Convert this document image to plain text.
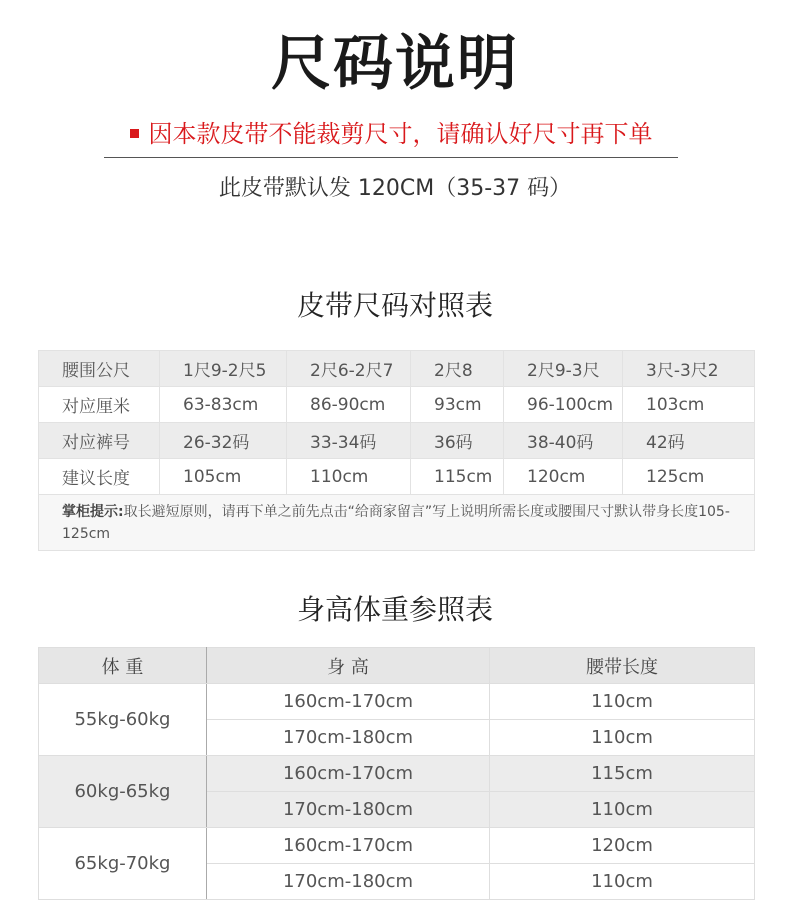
尺码说明
因本款皮带不能裁剪尺寸，请确认好尺寸再下单
此皮带默认发 120CM（35-37 码）
皮带尺码对照表
腰围公尺	1尺9-2尺5	2尺6-2尺7	2尺8	2尺9-3尺	3尺-3尺2
对应厘米	63-83cm	86-90cm	93cm	96-100cm	103cm
对应裤号	26-32码	33-34码	36码	38-40码	42码
建议长度	105cm	110cm	115cm	120cm	125cm
掌柜提示:取长避短原则，请再下单之前先点击“给商家留言”写上说明所需长度或腰围尺寸默认带身长度105-125cm					
身高体重参照表
体 重	身 高	腰带长度
55kg-60kg	160cm-170cm	110cm
	170cm-180cm	110cm
60kg-65kg	160cm-170cm	115cm
	170cm-180cm	110cm
65kg-70kg	160cm-170cm	120cm
	170cm-180cm	110cm
